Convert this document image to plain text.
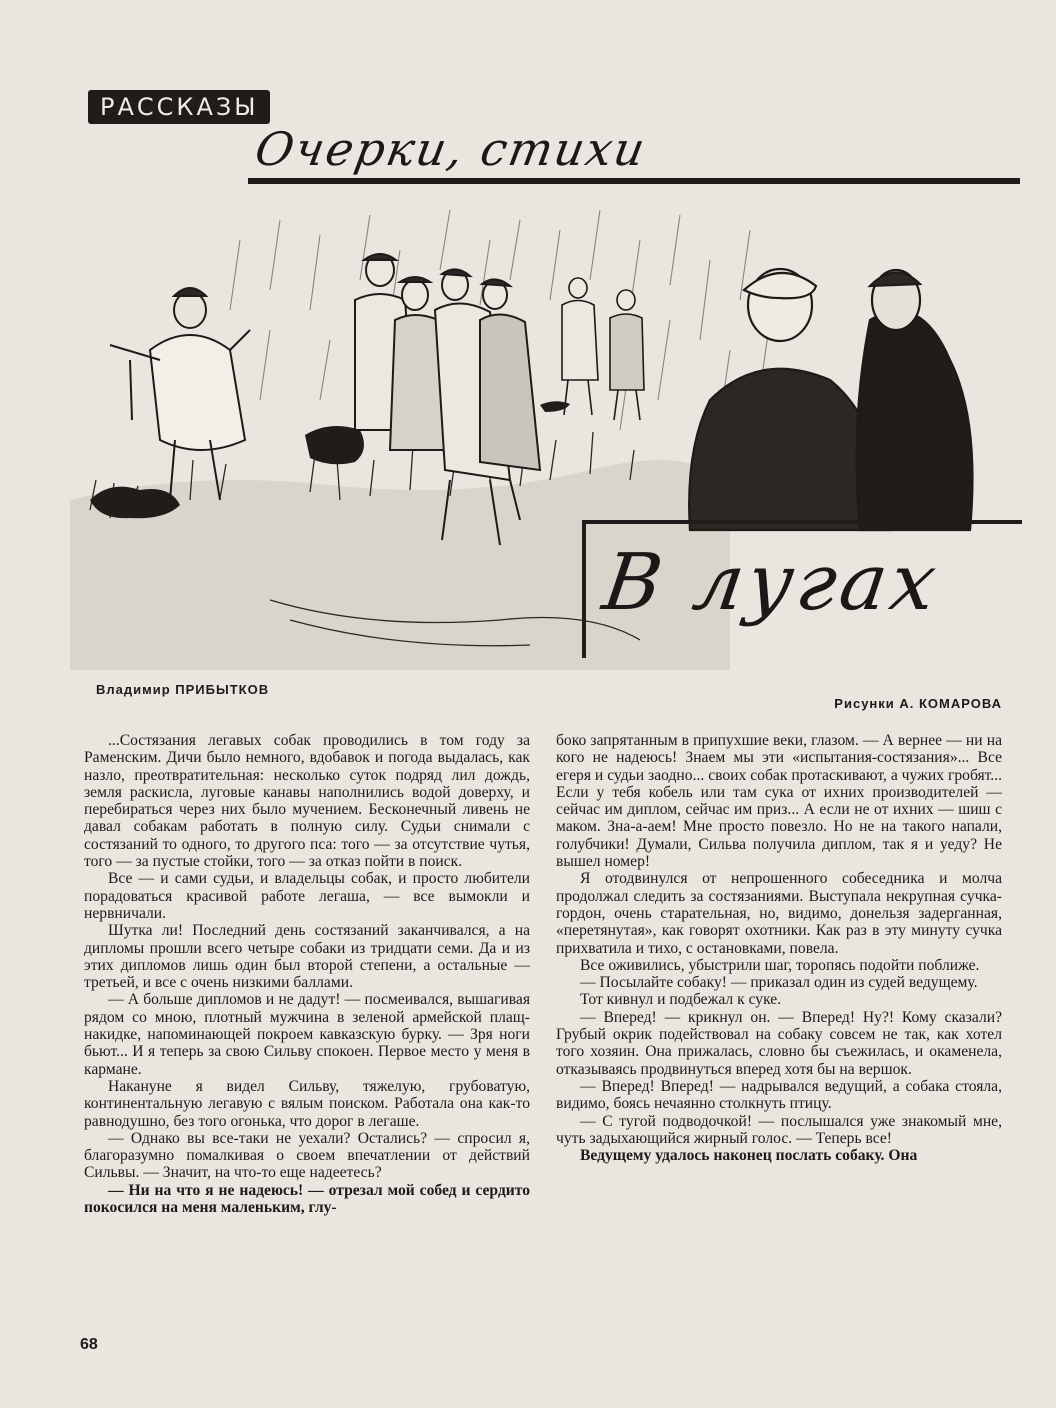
РАССКАЗЫ
Очерки, стихи
В лугах
Владимир ПРИБЫТКОВ
Рисунки А. КОМАРОВА

...Состязания легавых собак проводились в том году за Раменским. Дичи было немного, вдобавок и погода выдалась, как назло, преотвратительная: несколько суток подряд лил дождь, земля раскисла, луговые канавы наполнились водой доверху, и перебираться через них было мучением. Бесконечный ливень не давал собакам работать в полную силу. Судьи снимали с состязаний то одного, то другого пса: того — за отсутствие чутья, того — за пустые стойки, того — за отказ пойти в поиск.

Все — и сами судьи, и владельцы собак, и просто любители порадоваться красивой работе легаша, — все вымокли и нервничали.

Шутка ли! Последний день состязаний заканчивался, а на дипломы прошли всего четыре собаки из тридцати семи. Да и из этих дипломов лишь один был второй степени, а остальные — третьей, и все с очень низкими баллами.

— А больше дипломов и не дадут! — посмеивался, вышагивая рядом со мною, плотный мужчина в зеленой армейской плащ-накидке, напоминающей покроем кавказскую бурку. — Зря ноги бьют... И я теперь за свою Сильву спокоен. Первое место у меня в кармане.

Накануне я видел Сильву, тяжелую, грубоватую, континентальную легавую с вялым поиском. Работала она как-то равнодушно, без того огонька, что дорог в легаше.

— Однако вы все-таки не уехали? Остались? — спросил я, благоразумно помалкивая о своем впечатлении от действий Сильвы. — Значит, на что-то еще надеетесь?

— Ни на что я не надеюсь! — отрезал мой собед и сердито покосился на меня маленьким, глу-

боко запрятанным в припухшие веки, глазом. — А вернее — ни на кого не надеюсь! Знаем мы эти «испытания-состязания»... Все егеря и судьи заодно... своих собак протаскивают, а чужих гробят... Если у тебя кобель или там сука от ихних производителей — сейчас им диплом, сейчас им приз... А если не от ихних — шиш с маком. Зна-а-аем! Мне просто повезло. Но не на такого напали, голубчики! Думали, Сильва получила диплом, так я и уеду? Не вышел номер!

Я отодвинулся от непрошенного собеседника и молча продолжал следить за состязаниями. Выступала некрупная сучка-гордон, очень старательная, но, видимо, донельзя задерганная, «перетянутая», как говорят охотники. Как раз в эту минуту сучка прихватила и тихо, с остановками, повела.

Все оживились, убыстрили шаг, торопясь подойти поближе.

— Посылайте собаку! — приказал один из судей ведущему.

Тот кивнул и подбежал к суке.

— Вперед! — крикнул он. — Вперед! Ну?! Кому сказали? Грубый окрик подействовал на собаку совсем не так, как хотел того хозяин. Она прижалась, словно бы съежилась, и окаменела, отказываясь продвинуться вперед хотя бы на вершок.

— Вперед! Вперед! — надрывался ведущий, а собака стояла, видимо, боясь нечаянно столкнуть птицу.

— С тугой подводочкой! — послышался уже знакомый мне, чуть задыхающийся жирный голос. — Теперь все!

Ведущему удалось наконец послать собаку. Она

68
